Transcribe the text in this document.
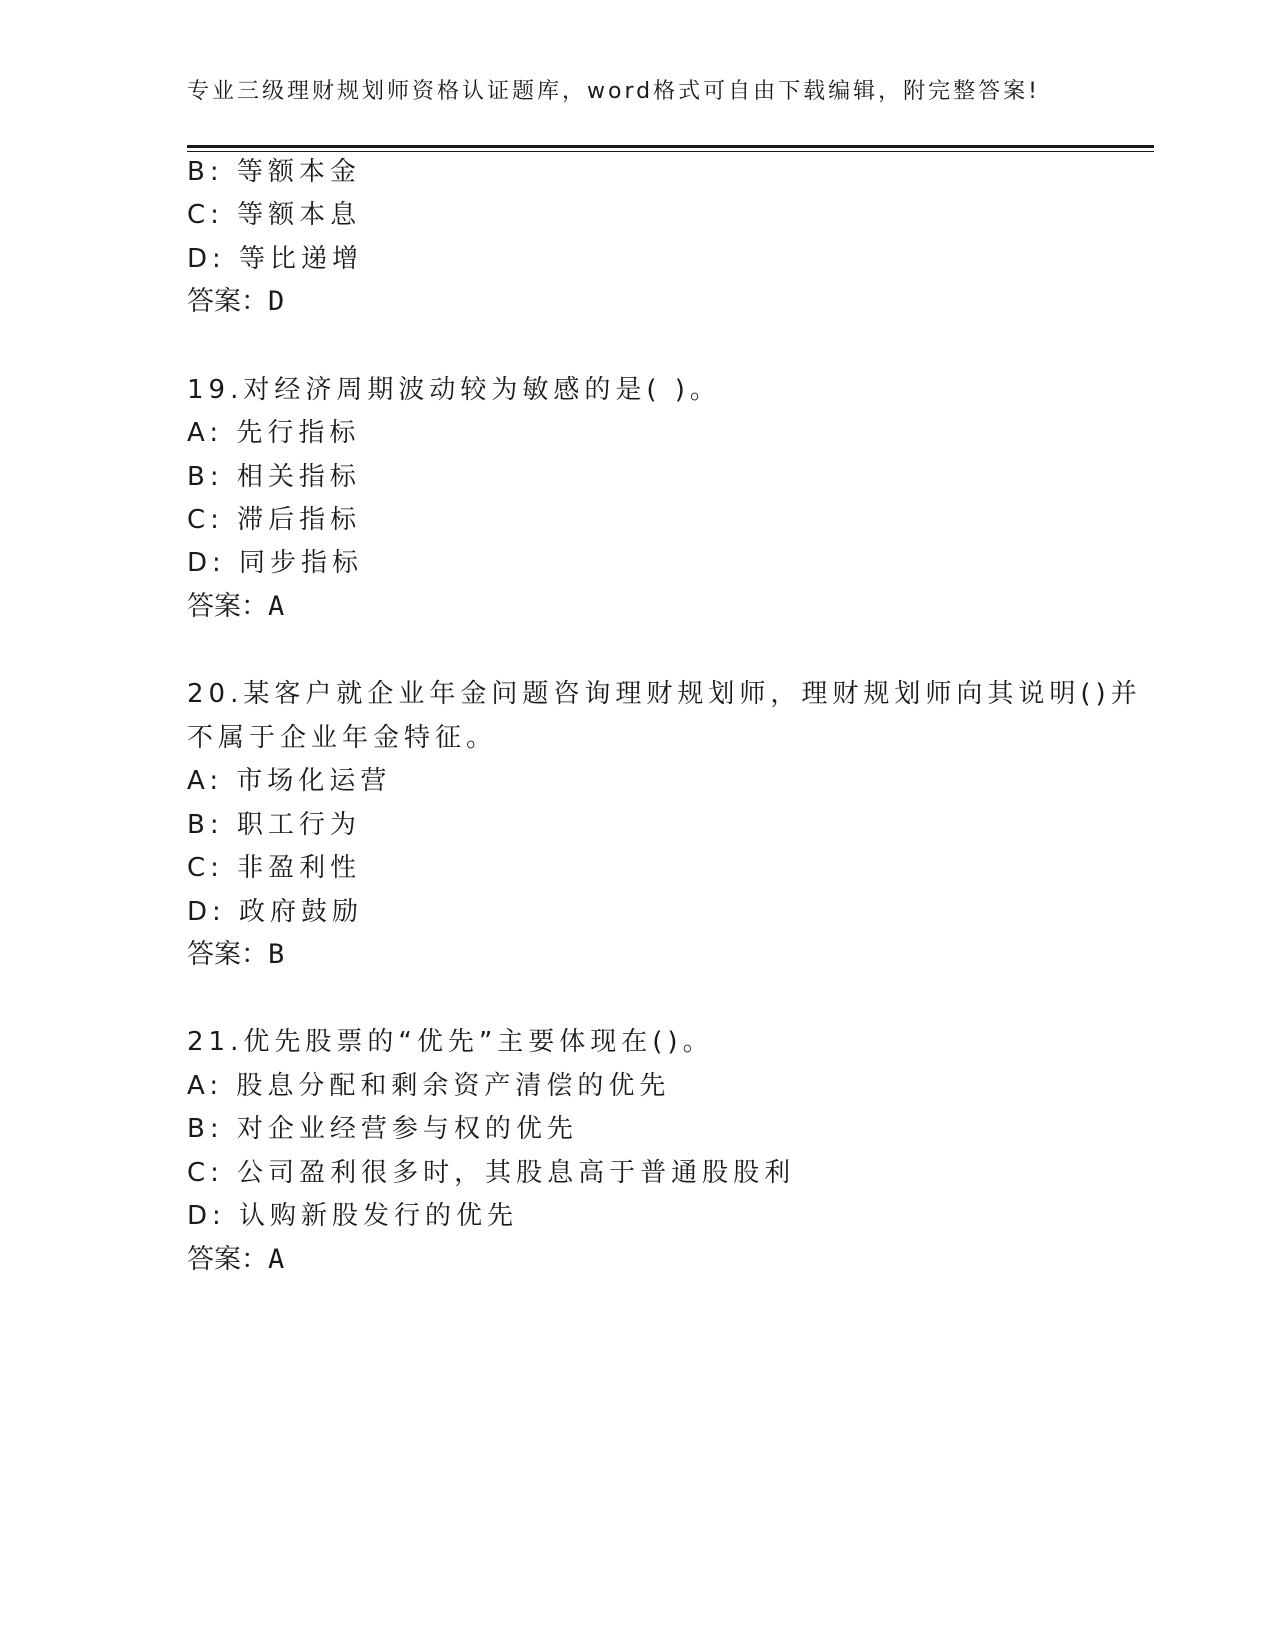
专业三级理财规划师资格认证题库，word格式可自由下载编辑，附完整答案!
B: 等额本金
C: 等额本息
D: 等比递增
答案：D
19.对经济周期波动较为敏感的是( )。
A: 先行指标
B: 相关指标
C: 滞后指标
D: 同步指标
答案：A
20.某客户就企业年金问题咨询理财规划师，理财规划师向其说明()并
不属于企业年金特征。
A: 市场化运营
B: 职工行为
C: 非盈利性
D: 政府鼓励
答案：B
21.优先股票的“优先”主要体现在()。
A: 股息分配和剩余资产清偿的优先
B: 对企业经营参与权的优先
C: 公司盈利很多时，其股息高于普通股股利
D: 认购新股发行的优先
答案：A
